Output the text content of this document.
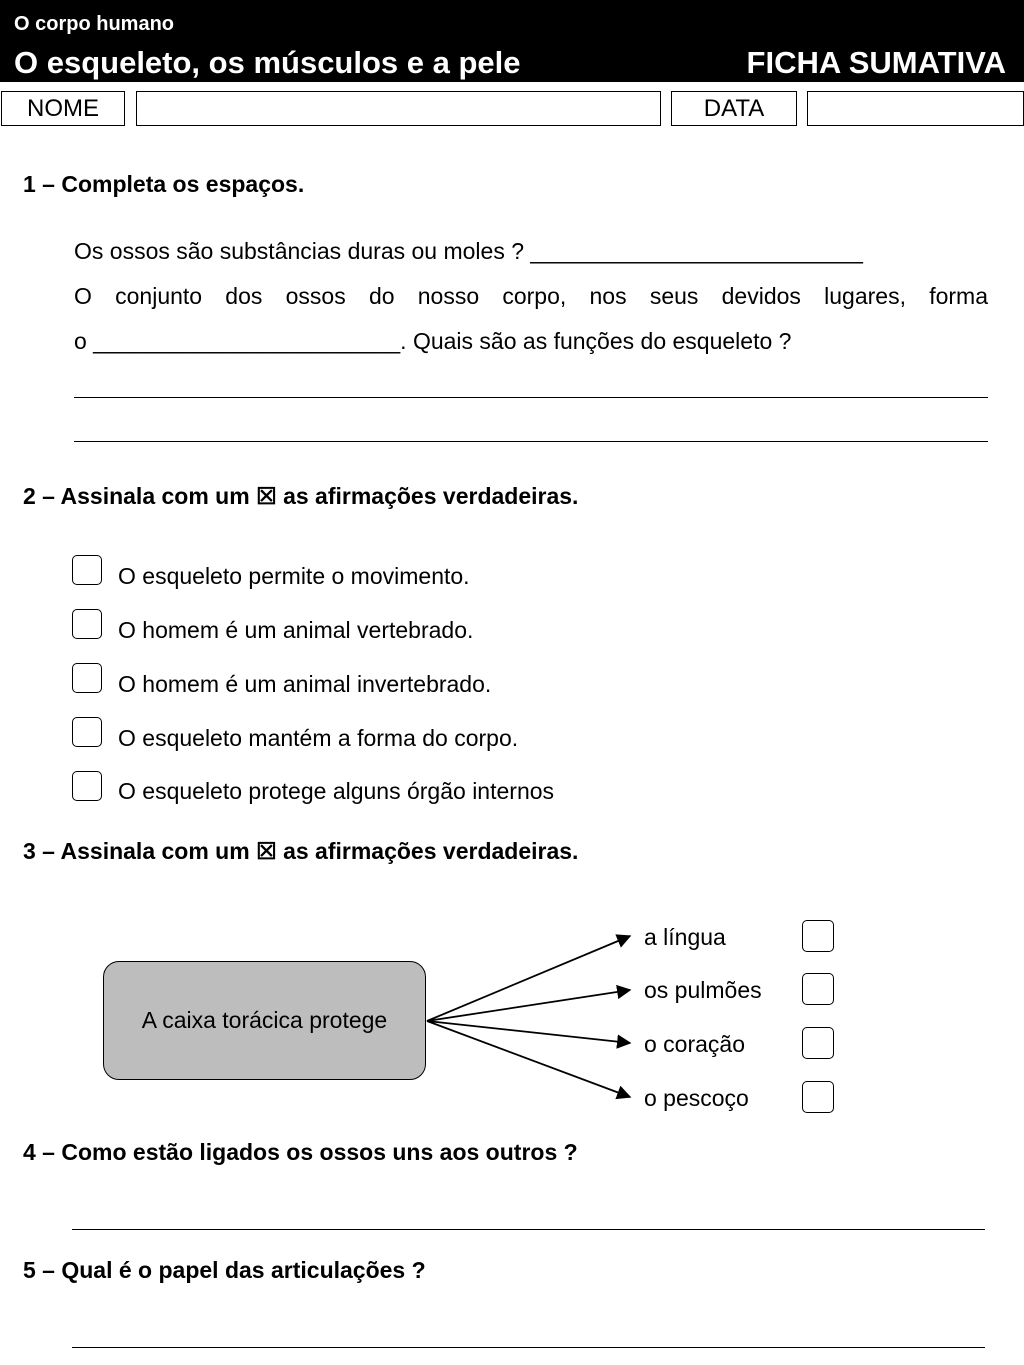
O corpo humano
O esqueleto, os músculos e a pele	FICHA SUMATIVA
NOME	DATA
1 – Completa os espaços.
Os ossos são substâncias duras ou moles ? __________________________
O conjunto dos ossos do nosso corpo, nos seus devidos lugares, forma
o ________________________. Quais são as funções do esqueleto ?
2 – Assinala com um ☒ as afirmações verdadeiras.
O esqueleto permite o movimento.
O homem é um animal vertebrado.
O homem é um animal invertebrado.
O esqueleto mantém a forma do corpo.
O esqueleto protege alguns órgão internos
3 – Assinala com um ☒ as afirmações verdadeiras.
A caixa torácica protege
a língua
os pulmões
o coração
o pescoço
4 – Como estão ligados os ossos uns aos outros ?
5 – Qual é o papel das articulações ?
